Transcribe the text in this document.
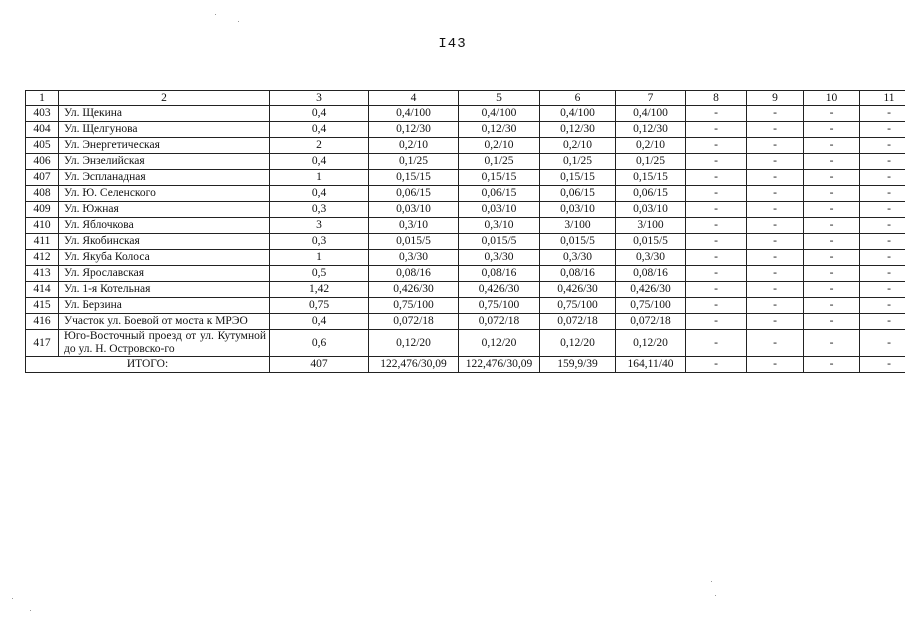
I43
1	2	3	4	5	6	7	8	9	10	11
403	Ул. Щекина	0,4	0,4/100	0,4/100	0,4/100	0,4/100	-	-	-	-
404	Ул. Щелгунова	0,4	0,12/30	0,12/30	0,12/30	0,12/30	-	-	-	-
405	Ул. Энергетическая	2	0,2/10	0,2/10	0,2/10	0,2/10	-	-	-	-
406	Ул. Энзелийская	0,4	0,1/25	0,1/25	0,1/25	0,1/25	-	-	-	-
407	Ул. Эспланадная	1	0,15/15	0,15/15	0,15/15	0,15/15	-	-	-	-
408	Ул. Ю. Селенского	0,4	0,06/15	0,06/15	0,06/15	0,06/15	-	-	-	-
409	Ул. Южная	0,3	0,03/10	0,03/10	0,03/10	0,03/10	-	-	-	-
410	Ул. Яблочкова	3	0,3/10	0,3/10	3/100	3/100	-	-	-	-
411	Ул. Якобинская	0,3	0,015/5	0,015/5	0,015/5	0,015/5	-	-	-	-
412	Ул. Якуба Колоса	1	0,3/30	0,3/30	0,3/30	0,3/30	-	-	-	-
413	Ул. Ярославская	0,5	0,08/16	0,08/16	0,08/16	0,08/16	-	-	-	-
414	Ул. 1-я Котельная	1,42	0,426/30	0,426/30	0,426/30	0,426/30	-	-	-	-
415	Ул. Берзина	0,75	0,75/100	0,75/100	0,75/100	0,75/100	-	-	-	-
416	Участок ул. Боевой от моста к МРЭО	0,4	0,072/18	0,072/18	0,072/18	0,072/18	-	-	-	-
417	Юго-Восточный проезд от ул. Кутумной до ул. Н. Островско-го	0,6	0,12/20	0,12/20	0,12/20	0,12/20	-	-	-	-
ИТОГО:		407	122,476/30,09	122,476/30,09	159,9/39	164,11/40	-	-	-	-
